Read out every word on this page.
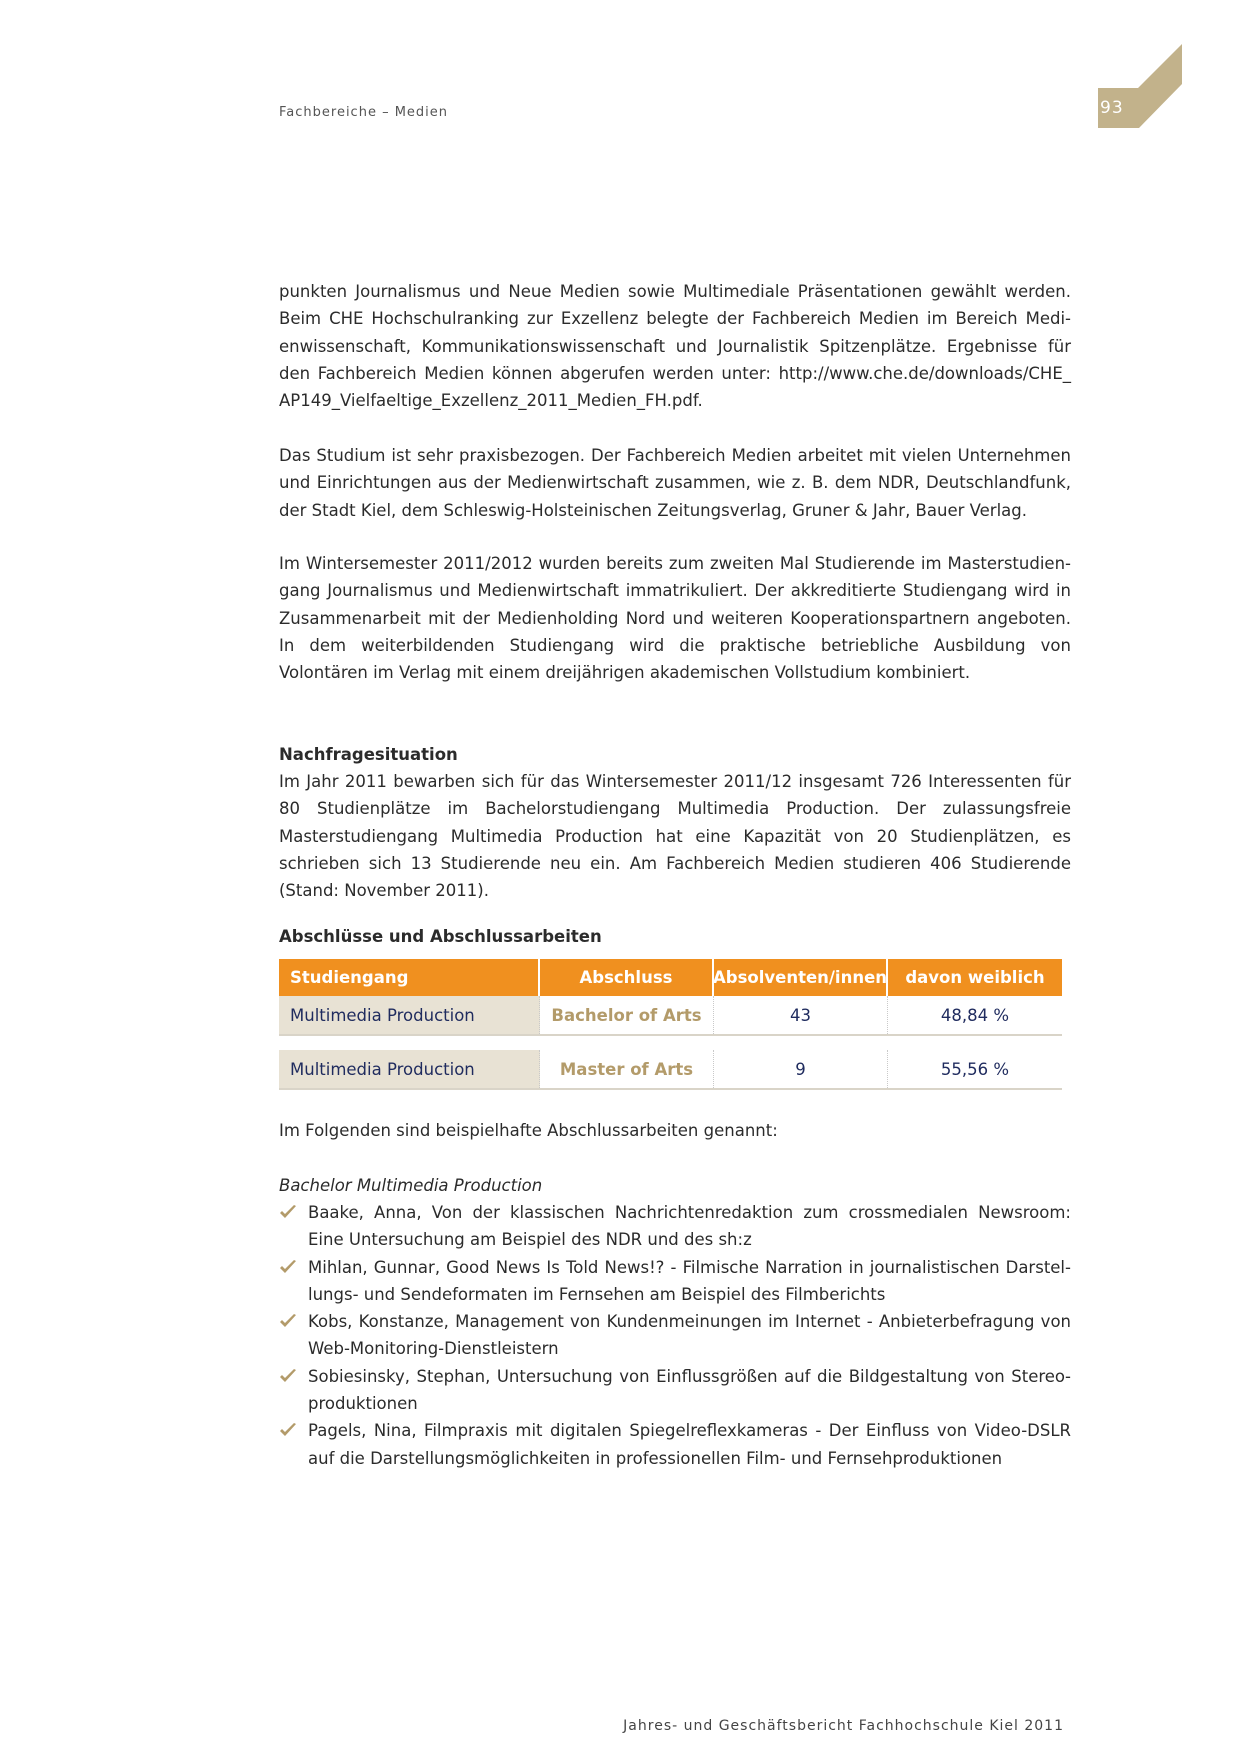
Fachbereiche – Medien	93

punkten Journalismus und Neue Medien sowie Multimediale Präsentationen gewählt werden. Beim CHE Hochschulranking zur Exzellenz belegte der Fachbereich Medien im Bereich Medienwissenschaft, Kommunikationswissenschaft und Journalistik Spitzenplätze. Ergebnisse für den Fachbereich Medien können abgerufen werden unter: http://www.che.de/downloads/CHE_ AP149_Vielfaeltige_Exzellenz_2011_Medien_FH.pdf.

Das Studium ist sehr praxisbezogen. Der Fachbereich Medien arbeitet mit vielen Unternehmen und Einrichtungen aus der Medienwirtschaft zusammen, wie z. B. dem NDR, Deutschlandfunk, der Stadt Kiel, dem Schleswig-Holsteinischen Zeitungsverlag, Gruner & Jahr, Bauer Verlag.

Im Wintersemester 2011/2012 wurden bereits zum zweiten Mal Studierende im Masterstudiengang Journalismus und Medienwirtschaft immatrikuliert. Der akkreditierte Studiengang wird in Zusammenarbeit mit der Medienholding Nord und weiteren Kooperationspartnern angeboten. In dem weiterbildenden Studiengang wird die praktische betriebliche Ausbildung von Volontären im Verlag mit einem dreijährigen akademischen Vollstudium kombiniert.

Nachfragesituation

Im Jahr 2011 bewarben sich für das Wintersemester 2011/12 insgesamt 726 Interessenten für 80 Studienplätze im Bachelorstudiengang Multimedia Production. Der zulassungsfreie Masterstudiengang Multimedia Production hat eine Kapazität von 20 Studienplätzen, es schrieben sich 13 Studierende neu ein. Am Fachbereich Medien studieren 406 Studierende (Stand: November 2011).

Abschlüsse und Abschlussarbeiten
Studiengang	Abschluss	Absolventen/innen	davon weiblich
Multimedia Production	Bachelor of Arts	43	48,84 %
Multimedia Production	Master of Arts	9	55,56 %

Im Folgenden sind beispielhafte Abschlussarbeiten genannt:

Bachelor Multimedia Production
Baake, Anna, Von der klassischen Nachrichtenredaktion zum crossmedialen Newsroom: Eine Untersuchung am Beispiel des NDR und des sh:z
Mihlan, Gunnar, Good News Is Told News!? - Filmische Narration in journalistischen Darstellungs- und Sendeformaten im Fernsehen am Beispiel des Filmberichts
Kobs, Konstanze, Management von Kundenmeinungen im Internet - Anbieterbefragung von Web-Monitoring-Dienstleistern
Sobiesinsky, Stephan, Untersuchung von Einflussgrößen auf die Bildgestaltung von Stereoproduktionen
Pagels, Nina, Filmpraxis mit digitalen Spiegelreflexkameras - Der Einfluss von Video-DSLR auf die Darstellungsmöglichkeiten in professionellen Film- und Fernsehproduktionen
Jahres- und Geschäftsbericht Fachhochschule Kiel 2011
